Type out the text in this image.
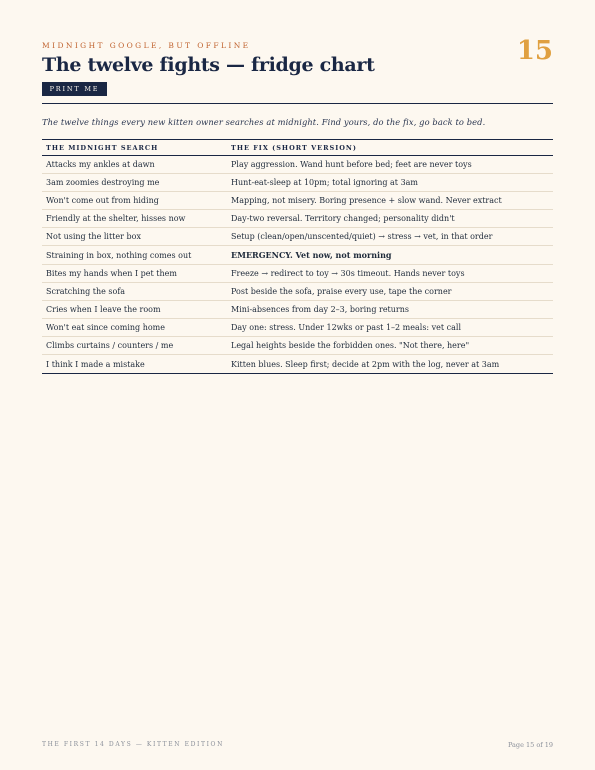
MIDNIGHT GOOGLE, BUT OFFLINE	15
The twelve fights — fridge chart
PRINT ME

The twelve things every new kitten owner searches at midnight. Find yours, do the fix, go back to bed.

THE MIDNIGHT SEARCH	THE FIX (SHORT VERSION)
Attacks my ankles at dawn	Play aggression. Wand hunt before bed; feet are never toys
3am zoomies destroying me	Hunt-eat-sleep at 10pm; total ignoring at 3am
Won't come out from hiding	Mapping, not misery. Boring presence + slow wand. Never extract
Friendly at the shelter, hisses now	Day-two reversal. Territory changed; personality didn't
Not using the litter box	Setup (clean/open/unscented/quiet) → stress → vet, in that order
Straining in box, nothing comes out	EMERGENCY. Vet now, not morning
Bites my hands when I pet them	Freeze → redirect to toy → 30s timeout. Hands never toys
Scratching the sofa	Post beside the sofa, praise every use, tape the corner
Cries when I leave the room	Mini-absences from day 2–3, boring returns
Won't eat since coming home	Day one: stress. Under 12wks or past 1–2 meals: vet call
Climbs curtains / counters / me	Legal heights beside the forbidden ones. "Not there, here"
I think I made a mistake	Kitten blues. Sleep first; decide at 2pm with the log, never at 3am
THE FIRST 14 DAYS — KITTEN EDITION	Page 15 of 19
